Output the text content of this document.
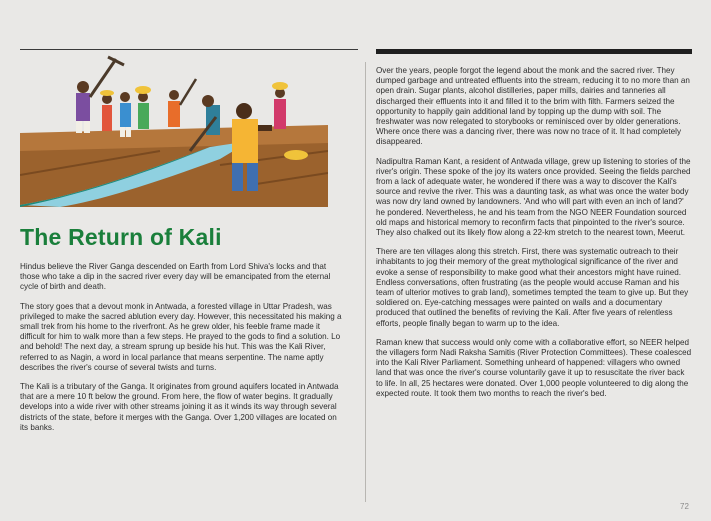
The Return of Kali

Hindus believe the River Ganga descended on Earth from Lord Shiva's locks and that those who take a dip in the sacred river every day will be emancipated from the eternal cycle of birth and death.

The story goes that a devout monk in Antwada, a forested village in Uttar Pradesh, was privileged to make the sacred ablution every day. However, this necessitated his making a small trek from his home to the riverfront. As he grew older, his feeble frame made it difficult for him to walk more than a few steps. He prayed to the gods to find a solution. Lo and behold! The next day, a stream sprung up beside his hut. This was the Kali River, referred to as Nagin, a word in local parlance that means serpentine. The name aptly describes the river's course of several twists and turns.

The Kali is a tributary of the Ganga. It originates from ground aquifers located in Antwada that are a mere 10 ft below the ground. From here, the flow of water begins. It gradually develops into a wide river with other streams joining it as it winds its way through several districts of the state, before it merges with the Ganga. Over 1,200 villages are located on its banks.

Over the years, people forgot the legend about the monk and the sacred river. They dumped garbage and untreated effluents into the stream, reducing it to no more than an open drain. Sugar plants, alcohol distilleries, paper mills, dairies and tanneries all discharged their effluents into it and filled it to the brim with filth. Farmers seized the opportunity to happily gain additional land by topping up the dump with soil. The freshwater was now relegated to storybooks or reminisced over by older generations. Where once there was a dancing river, there was now no trace of it. It had completely disappeared.

Nadipultra Raman Kant, a resident of Antwada village, grew up listening to stories of the river's origin. These spoke of the joy its waters once provided. Seeing the fields parched from a lack of adequate water, he wondered if there was a way to discover the Kali's source and revive the river. This was a daunting task, as what was once the water body was now dry land owned by landowners. 'And who will part with even an inch of land?' he pondered. Nevertheless, he and his team from the NGO NEER Foundation sourced old maps and historical memory to reconfirm facts that pinpointed to the river's source. They also chalked out its likely flow along a 22-km stretch to the nearest town, Meerut.

There are ten villages along this stretch. First, there was systematic outreach to their inhabitants to jog their memory of the great mythological significance of the river and evoke a sense of responsibility to make good what their ancestors might have ruined. Endless conversations, often frustrating (as the people would accuse Raman and his team of ulterior motives to grab land), sometimes tempted the team to give up. But they soldiered on. Eye-catching messages were painted on walls and a documentary produced that outlined the benefits of reviving the Kali. After five years of relentless efforts, people finally began to warm up to the idea.

Raman knew that success would only come with a collaborative effort, so NEER helped the villagers form Nadi Raksha Samitis (River Protection Committees). These coalesced into the Kali River Parliament. Something unheard of happened: villagers who owned land that was once the river's course voluntarily gave it up to resuscitate the river back to life. In all, 25 hectares were donated. Over 1,000 people volunteered to dig along the expected route. It took them two months to reach the river's bed.

72
